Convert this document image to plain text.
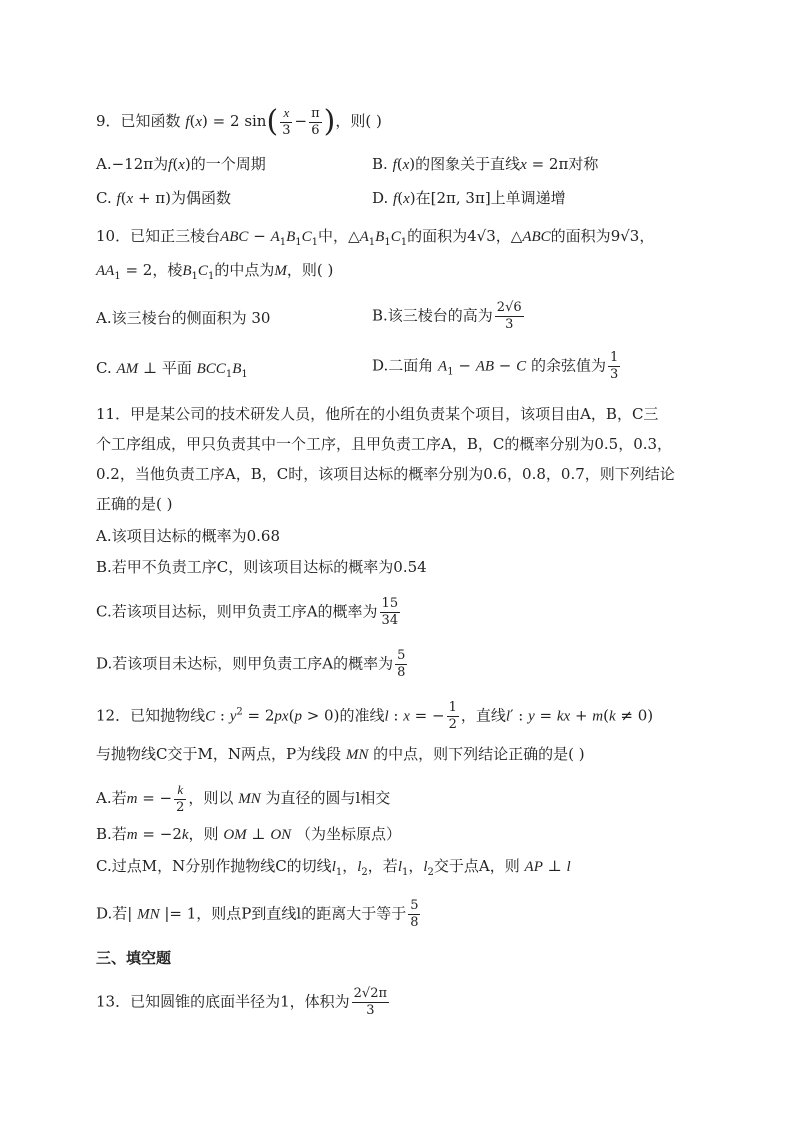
9．已知函数 f(x) = 2 $\sin( \frac{x}{3} - \frac{\pi}{6}$ )，则( )
A.−12π为f(x)的一个周期	B. f(x)的图象关于直线x = 2π对称
C. f(x + π)为偶函数	D. f(x)在[2π, 3π]上单调递增
10．已知正三棱台ABC − $A_1B_1C_1$中，$\triangle A_1B_1C_1$的面积为4√3，△ABC的面积为9√3，
$AA_1 = 2$，棱$B_1C_1$的中点为M，则( )
A.该三棱台的侧面积为 30	B.该三棱台的高为 $\frac{2√6}{3}$
C. AM ⊥ 平面 $BCC_1B_1$	D.二面角 $A_1$ − AB − C 的余弦值为 $\frac{1}{3}$
11．甲是某公司的技术研发人员，他所在的小组负责某个项目，该项目由A，B，C三
个工序组成，甲只负责其中一个工序，且甲负责工序A，B，C的概率分别为0.5，0.3，
0.2，当他负责工序A，B，C时，该项目达标的概率分别为0.6，0.8，0.7，则下列结论
正确的是( )
A.该项目达标的概率为0.68
B.若甲不负责工序C，则该项目达标的概率为0.54
C.若该项目达标，则甲负责工序A的概率为 $\frac{15}{34}$
D.若该项目未达标，则甲负责工序A的概率为 $\frac{5}{8}$
12．已知抛物线C : $y^2 = 2px(p > 0)$的准线l : x = − $\frac{1}{2}$ ，直线l′ : y = kx + m(k ≠ 0)
与抛物线C交于M，N两点，P为线段 MN 的中点，则下列结论正确的是( )
A.若m = − $\frac{k}{2}$ ，则以 MN 为直径的圆与l相交
B.若m = −2k，则 OM ⊥ ON （为坐标原点）
C.过点M，N分别作抛物线C的切线$l_1$，$l_2$，若$l_1$，$l_2$交于点A，则 AP ⊥ l
D.若| MN |= 1，则点P到直线l的距离大于等于 $\frac{5}{8}$
三、填空题
13．已知圆锥的底面半径为1，体积为 $\frac{2√2\pi}{3}$
